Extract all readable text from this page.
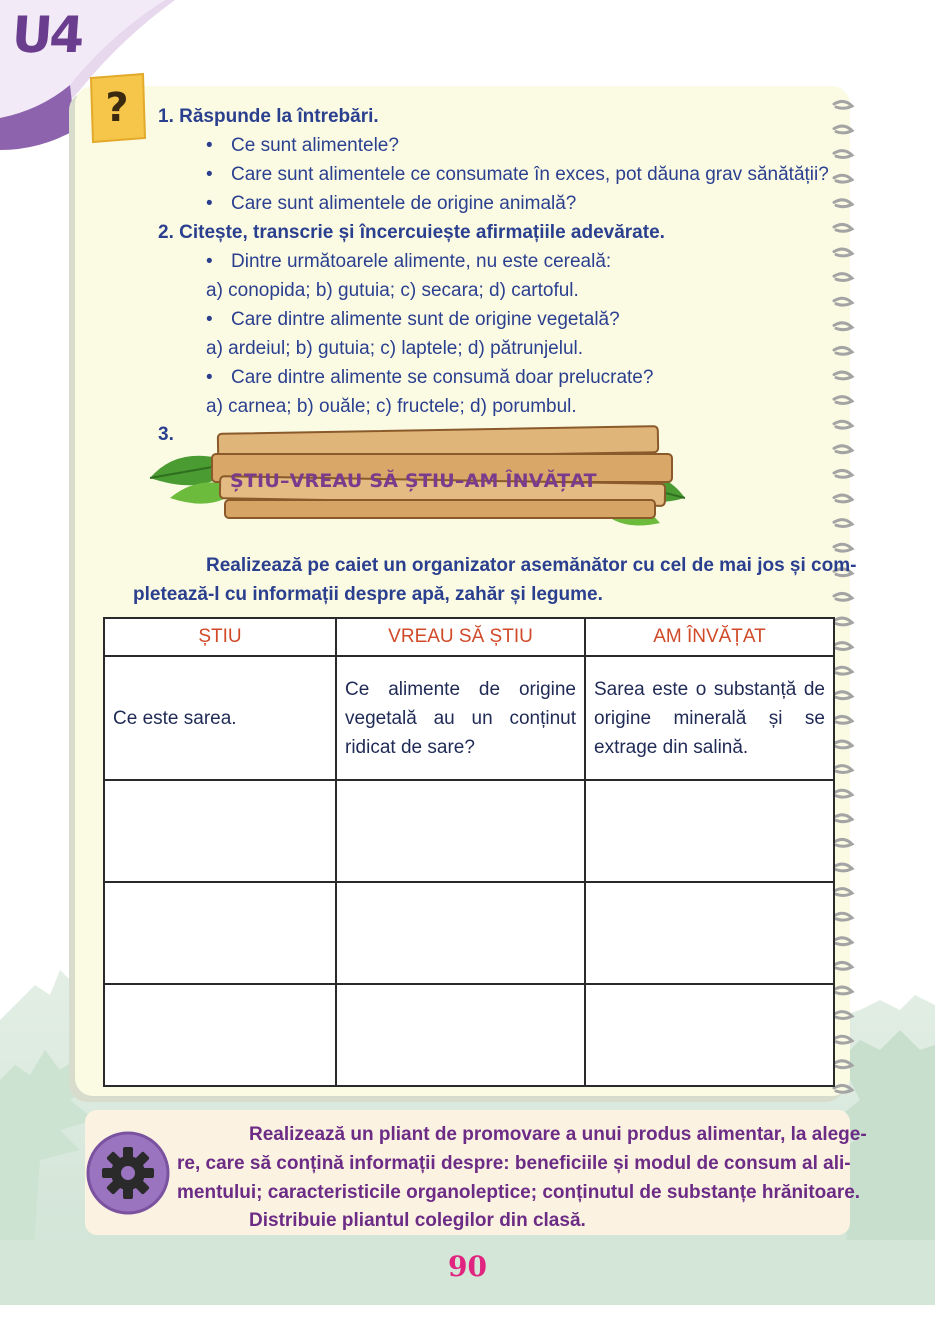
U4
?	1. Răspunde la întrebări.
• Ce sunt alimentele?
• Care sunt alimentele ce consumate în exces, pot dăuna grav sănătății?
• Care sunt alimentele de origine animală?
2. Citește, transcrie și încercuiește afirmațiile adevărate.
• Dintre următoarele alimente, nu este cereală:
a) conopida; b) gutuia; c) secara; d) cartoful.
• Care dintre alimente sunt de origine vegetală?
a) ardeiul; b) gutuia; c) laptele; d) pătrunjelul.
• Care dintre alimente se consumă doar prelucrate?
a) carnea; b) ouăle; c) fructele; d) porumbul.
3.
ȘTIU–VREAU SĂ ȘTIU–AM ÎNVĂȚAT
Realizează pe caiet un organizator asemănător cu cel de mai jos și com-
pletează-l cu informații despre apă, zahăr și legume.
ȘTIU	VREAU SĂ ȘTIU	AM ÎNVĂȚAT
Ce este sarea.	Ce alimente de origine vegetală au un conținut ridicat de sare?	Sarea este o substanță de origine minerală și se extrage din salină.

Realizează un pliant de promovare a unui produs alimentar, la alege-
re, care să conțină informații despre: beneficiile și modul de consum al ali-
mentului; caracteristicile organoleptice; conținutul de substanțe hrănitoare.
Distribuie pliantul colegilor din clasă.
90
